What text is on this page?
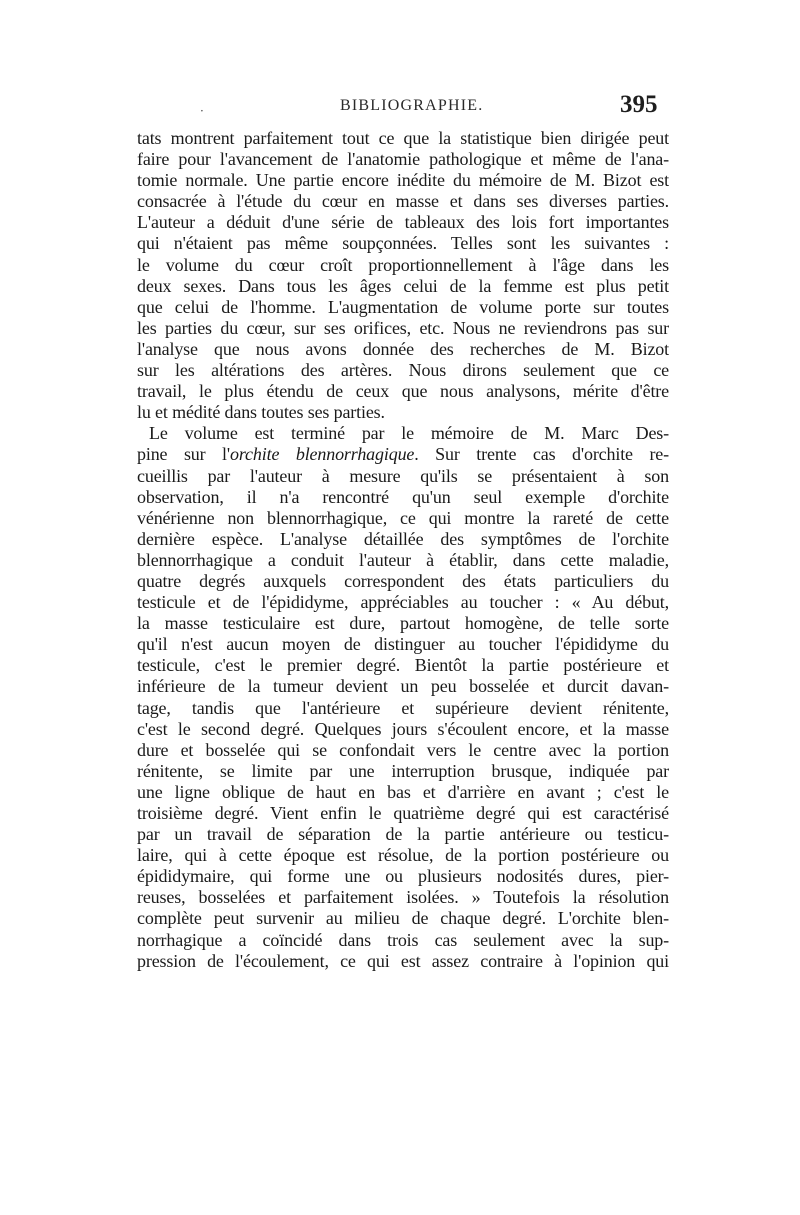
·	BIBLIOGRAPHIE.	395
tats montrent parfaitement tout ce que la statistique bien dirigée peut
faire pour l'avancement de l'anatomie pathologique et même de l'ana-
tomie normale. Une partie encore inédite du mémoire de M. Bizot est
consacrée à l'étude du cœur en masse et dans ses diverses parties.
L'auteur a déduit d'une série de tableaux des lois fort importantes
qui n'étaient pas même soupçonnées. Telles sont les suivantes :
le volume du cœur croît proportionnellement à l'âge dans les
deux sexes. Dans tous les âges celui de la femme est plus petit
que celui de l'homme. L'augmentation de volume porte sur toutes
les parties du cœur, sur ses orifices, etc. Nous ne reviendrons pas sur
l'analyse que nous avons donnée des recherches de M. Bizot
sur les altérations des artères. Nous dirons seulement que ce
travail, le plus étendu de ceux que nous analysons, mérite d'être
lu et médité dans toutes ses parties.
Le volume est terminé par le mémoire de M. Marc Des-
pine sur l'orchite blennorrhagique. Sur trente cas d'orchite re-
cueillis par l'auteur à mesure qu'ils se présentaient à son
observation, il n'a rencontré qu'un seul exemple d'orchite
vénérienne non blennorrhagique, ce qui montre la rareté de cette
dernière espèce. L'analyse détaillée des symptômes de l'orchite
blennorrhagique a conduit l'auteur à établir, dans cette maladie,
quatre degrés auxquels correspondent des états particuliers du
testicule et de l'épididyme, appréciables au toucher : « Au début,
la masse testiculaire est dure, partout homogène, de telle sorte
qu'il n'est aucun moyen de distinguer au toucher l'épididyme du
testicule, c'est le premier degré. Bientôt la partie postérieure et
inférieure de la tumeur devient un peu bosselée et durcit davan-
tage, tandis que l'antérieure et supérieure devient rénitente,
c'est le second degré. Quelques jours s'écoulent encore, et la masse
dure et bosselée qui se confondait vers le centre avec la portion
rénitente, se limite par une interruption brusque, indiquée par
une ligne oblique de haut en bas et d'arrière en avant ; c'est le
troisième degré. Vient enfin le quatrième degré qui est caractérisé
par un travail de séparation de la partie antérieure ou testicu-
laire, qui à cette époque est résolue, de la portion postérieure ou
épididymaire, qui forme une ou plusieurs nodosités dures, pier-
reuses, bosselées et parfaitement isolées. » Toutefois la résolution
complète peut survenir au milieu de chaque degré. L'orchite blen-
norrhagique a coïncidé dans trois cas seulement avec la sup-
pression de l'écoulement, ce qui est assez contraire à l'opinion qui
